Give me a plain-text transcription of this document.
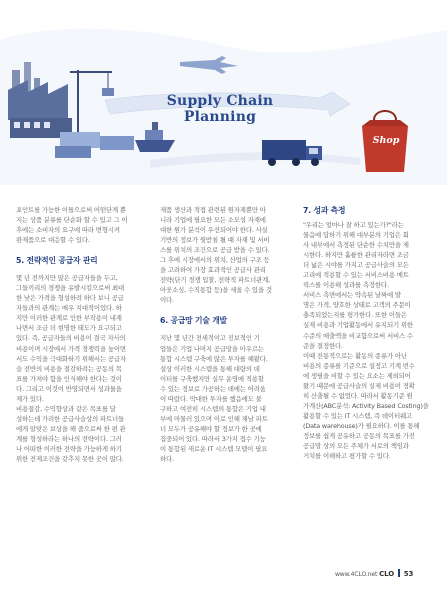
Supply Chain Planning
Shop
포인트를 가능한 이틀으로써 어떤단계 뿐
지는 상품 분류를 단순화 할 수 있고 그 이
후에는 소비자의 요구에 따라 변형시켜
완제품으로 대응할 수 있다.
5. 전략적인 공급자 관리
몇 년 전까지만 많은 공급자들을 두고,
그들끼리의 경쟁을 유발시킴으로써 최대
한 낮은 가격을 형성하려 하다 보니 공급
자들과의 관계는 매우 지대적이었다. 하
지만 이러한 관계로 인한 부작용이 내재
나면서 조금 더 현명한 태도가 요구되고
있다. 즉, 공급자들의 비용이 결국 자사의
비용이며 시장에서 가격 경쟁력을 높이면
서도 수익을 극대화하기 위해서는 공급자
슬 전반의 비용을 절감하려는 공동의 목
표를 가져야 함을 인식해야 한다는 것이
다. 그리고 이것이 반영되면서 성과물을
제가 있다.
비용절감, 수익향상과 같은 목표를 달
성하는데 가려한 공급사슬상의 파트너들
에게 알맞은 보상을 해 줌으로써 한 편 관
계를 형성하라는 하나의 전략이다. 그러
나 어떠한 이러한 전략을 가능하게 하기
위한 전제조건을 갖추지 못한 곳이 많다.
제품 생산과 적접 관련된 원자재뿐만 아
니라 기업에 필요한 모든 소모성 자재에
대한 원가 분석이 우선되어야 한다. 사실
기반의 정보가 뒷받침 될 때 자재 및 서비
스를 위치의 조건으로 공급 받을 수 있다.
그 후에 시장에서의 위치, 산업의 구조 등
을 고려하여 가장 효과적인 공급사 관리
전략(단기 경쟁 입찰, 전략적 파트너관계,
아웃소싱, 수직통합 등)을 세울 수 있을 것
이다.
6. 공급망 기술 개발
지난 몇 년간 전세적이고 진보적인 기
업들은 기업 나머지 공급망을 아우르는
통합 시스템 구축에 많은 투자를 해왔다.
설상 이러한 시스템을 통해 대량의 데
이터를 구축했지만 실무 운영에 적용할
수 있는 정보로 가공하는 데에는 어려움
이 따랐다. 막대한 투자를 했음에도 불
구하고 여전히 시스템의 통합은 기업 내
부에 머물러 있으며 이로 인해 재남 파트
너 모두가 공유해야 할 정보가 한 곳에
집중되어 있다. 따라서 3가지 접수 기능
이 통합된 새로운 IT 시스템 모델이 필요
하다.
7. 성과 측정
"우리는 얼마나 잘 하고 있는가?"라는
물음에 답하기 위해 대부분의 기업은 회
사 내부에서 측정된 단순한 수치만을 제
시한다. 하지만 훌륭한 관리자라면 조금
더 넓은 시야를 가지고 공급사슬의 모든
고리에 적용할 수 있는 서비스비용 메트
릭스를 이용해 성과를 측정한다.
서비스 측면에서는 약속된 날짜에 발
명은 가격, 양호한 상태로 고객의 주문이
충족되었는지를 평가한다. 또한 이들은
실제 비용과 기업활동에서 유지되기 위한
수준의 매출액을 비교함으로써 서비스 수
준을 결정한다.
이때 전통적으로는 활동의 종류가 아닌
비용의 종류를 기준으로 설정고 기계 번수
에 생필을 비할 수 있는 요소는 제외되어
왔기 때문에 공급사슬의 실제 비용이 정확
히 산출될 수 없었다. 따라서 활동기준 원
가계산(ABC분석: Activity Based Costing)을
활용할 수 있는 IT 시스템, 즉 데이터웨고
(Data warehouse)가 필요하다. 이를 통해
정보를 쉽게 공유하고 공동의 목표를 가진
공급망 상의 모든 주체가 서로의 책임과
거치를 이해하고 평가할 수 있다.
www.4CLO.net CLO 53
